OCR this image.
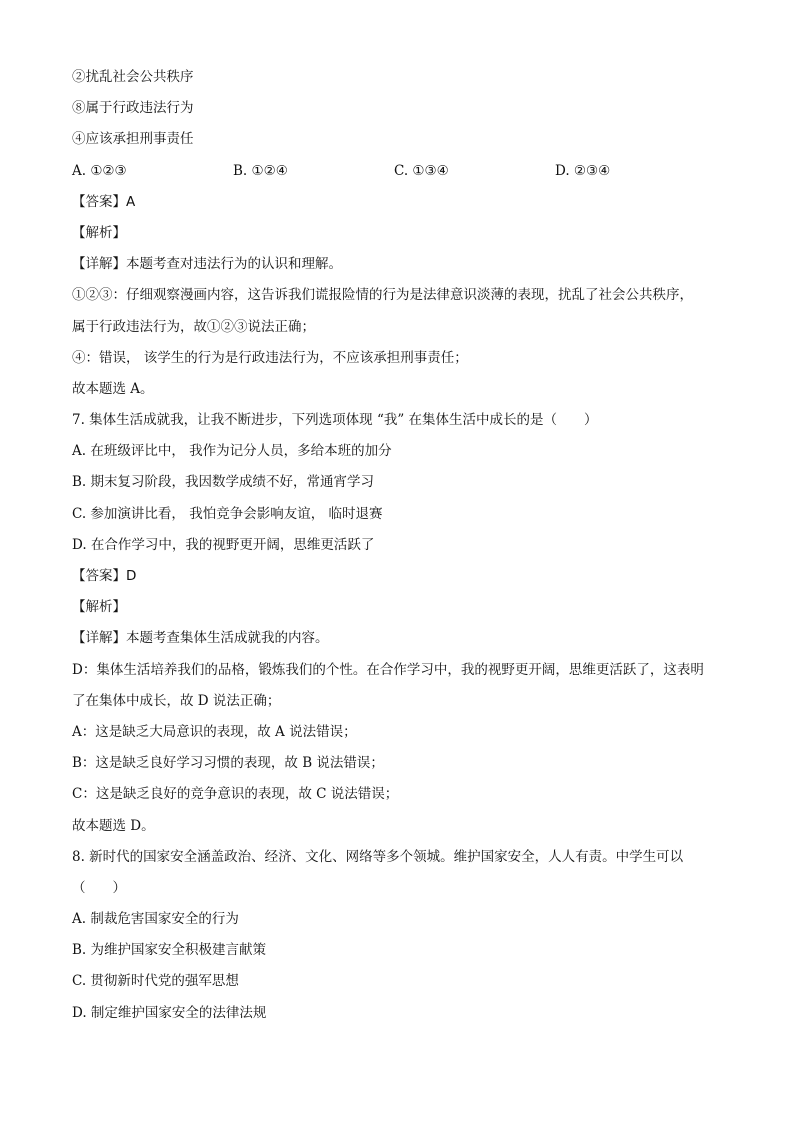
②扰乱社会公共秩序
⑧属于行政违法行为
④应该承担刑事责任
A. ①②③	B. ①②④	C. ①③④	D. ②③④
【答案】A
【解析】
【详解】本题考查对违法行为的认识和理解。
①②③：仔细观察漫画内容，这告诉我们谎报险情的行为是法律意识淡薄的表现，扰乱了社会公共秩序，
属于行政违法行为，故①②③说法正确；
④：错误， 该学生的行为是行政违法行为，不应该承担刑事责任；
故本题选 A。
7. 集体生活成就我，让我不断进步，下列选项体现 “我” 在集体生活中成长的是（　　）
A. 在班级评比中， 我作为记分人员，多给本班的加分
B. 期末复习阶段，我因数学成绩不好，常通宵学习
C. 参加演讲比看， 我怕竞争会影响友谊， 临时退赛
D. 在合作学习中，我的视野更开阔，思维更活跃了
【答案】D
【解析】
【详解】本题考查集体生活成就我的内容。
D：集体生活培养我们的品格，锻炼我们的个性。在合作学习中，我的视野更开阔，思维更活跃了，这表明
了在集体中成长，故 D 说法正确；
A：这是缺乏大局意识的表现，故 A 说法错误；
B：这是缺乏良好学习习惯的表现，故 B 说法错误；
C：这是缺乏良好的竞争意识的表现，故 C 说法错误；
故本题选 D。
8. 新时代的国家安全涵盖政治、经济、文化、网络等多个领城。维护国家安全，人人有责。中学生可以
（　　）
A. 制裁危害国家安全的行为
B. 为维护国家安全积极建言献策
C. 贯彻新时代党的强军思想
D. 制定维护国家安全的法律法规
